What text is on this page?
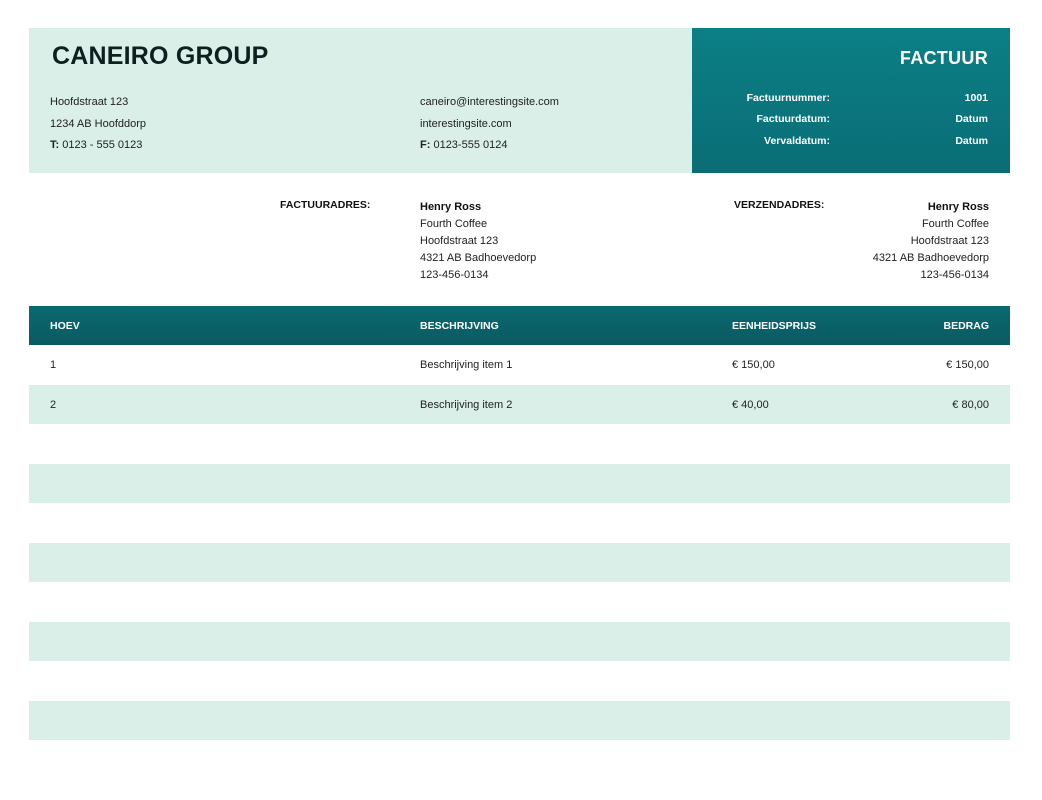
CANEIRO GROUP
Hoofdstraat 123
1234 AB Hoofddorp
T: 0123 - 555 0123
caneiro@interestingsite.com
interestingsite.com
F: 0123-555 0124
FACTUUR
Factuurnummer:	1001
Factuurdatum:	Datum
Vervaldatum:	Datum
FACTUURADRES:	Henry Ross
Fourth Coffee
Hoofdstraat 123
4321 AB Badhoevedorp
123-456-0134
VERZENDADRES:	Henry Ross
Fourth Coffee
Hoofdstraat 123
4321 AB Badhoevedorp
123-456-0134
HOEV	BESCHRIJVING	EENHEIDSPRIJS	BEDRAG
1	Beschrijving item 1	€ 150,00	€ 150,00
2	Beschrijving item 2	€ 40,00	€ 80,00
